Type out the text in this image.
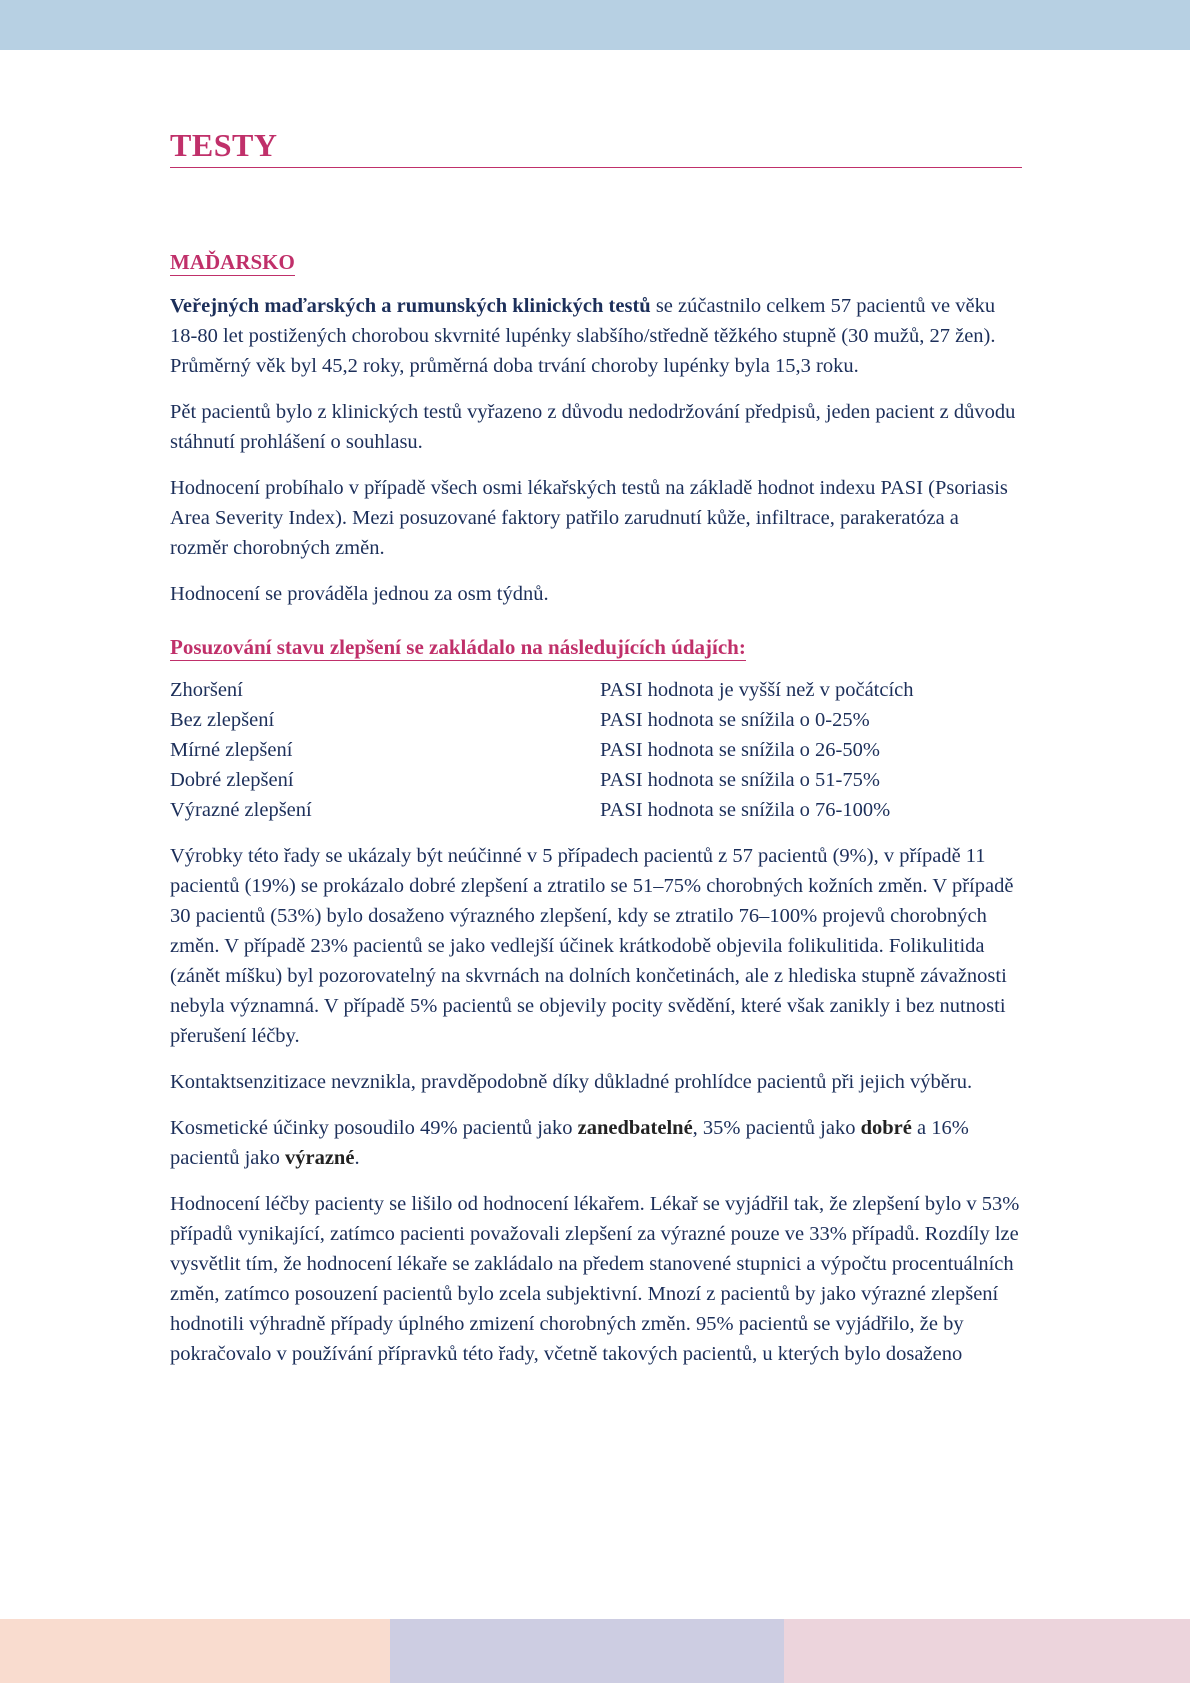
TESTY
MAĎARSKO

Veřejných maďarských a rumunských klinických testů se zúčastnilo celkem 57 pacientů ve věku 18-80 let postižených chorobou skvrnité lupénky slabšího/středně těžkého stupně (30 mužů, 27 žen). Průměrný věk byl 45,2 roky, průměrná doba trvání choroby lupénky byla 15,3 roku.

Pět pacientů bylo z klinických testů vyřazeno z důvodu nedodržování předpisů, jeden pacient z důvodu stáhnutí prohlášení o souhlasu.

Hodnocení probíhalo v případě všech osmi lékařských testů na základě hodnot indexu PASI (Psoriasis Area Severity Index). Mezi posuzované faktory patřilo zarudnutí kůže, infiltrace, parakeratóza a rozměr chorobných změn.

Hodnocení se prováděla jednou za osm týdnů.

Posuzování stavu zlepšení se zakládalo na následujících údajích:
Zhoršení	PASI hodnota je vyšší než v počátcích
Bez zlepšení	PASI hodnota se snížila o 0-25%
Mírné zlepšení	PASI hodnota se snížila o 26-50%
Dobré zlepšení	PASI hodnota se snížila o 51-75%
Výrazné zlepšení	PASI hodnota se snížila o 76-100%

Výrobky této řady se ukázaly být neúčinné v 5 případech pacientů z 57 pacientů (9%), v případě 11 pacientů (19%) se prokázalo dobré zlepšení a ztratilo se 51–75% chorobných kožních změn. V případě 30 pacientů (53%) bylo dosaženo výrazného zlepšení, kdy se ztratilo 76–100% projevů chorobných změn. V případě 23% pacientů se jako vedlejší účinek krátkodobě objevila folikulitida. Folikulitida (zánět míšku) byl pozorovatelný na skvrnách na dolních končetinách, ale z hlediska stupně závažnosti nebyla významná. V případě 5% pacientů se objevily pocity svědění, které však zanikly i bez nutnosti přerušení léčby.

Kontaktsenzitizace nevznikla, pravděpodobně díky důkladné prohlídce pacientů při jejich výběru.

Kosmetické účinky posoudilo 49% pacientů jako zanedbatelné, 35% pacientů jako dobré a 16% pacientů jako výrazné.

Hodnocení léčby pacienty se lišilo od hodnocení lékařem. Lékař se vyjádřil tak, že zlepšení bylo v 53% případů vynikající, zatímco pacienti považovali zlepšení za výrazné pouze ve 33% případů. Rozdíly lze vysvětlit tím, že hodnocení lékaře se zakládalo na předem stanovené stupnici a výpočtu procentuálních změn, zatímco posouzení pacientů bylo zcela subjektivní. Mnozí z pacientů by jako výrazné zlepšení hodnotili výhradně případy úplného zmizení chorobných změn. 95% pacientů se vyjádřilo, že by pokračovalo v používání přípravků této řady, včetně takových pacientů, u kterých bylo dosaženo
